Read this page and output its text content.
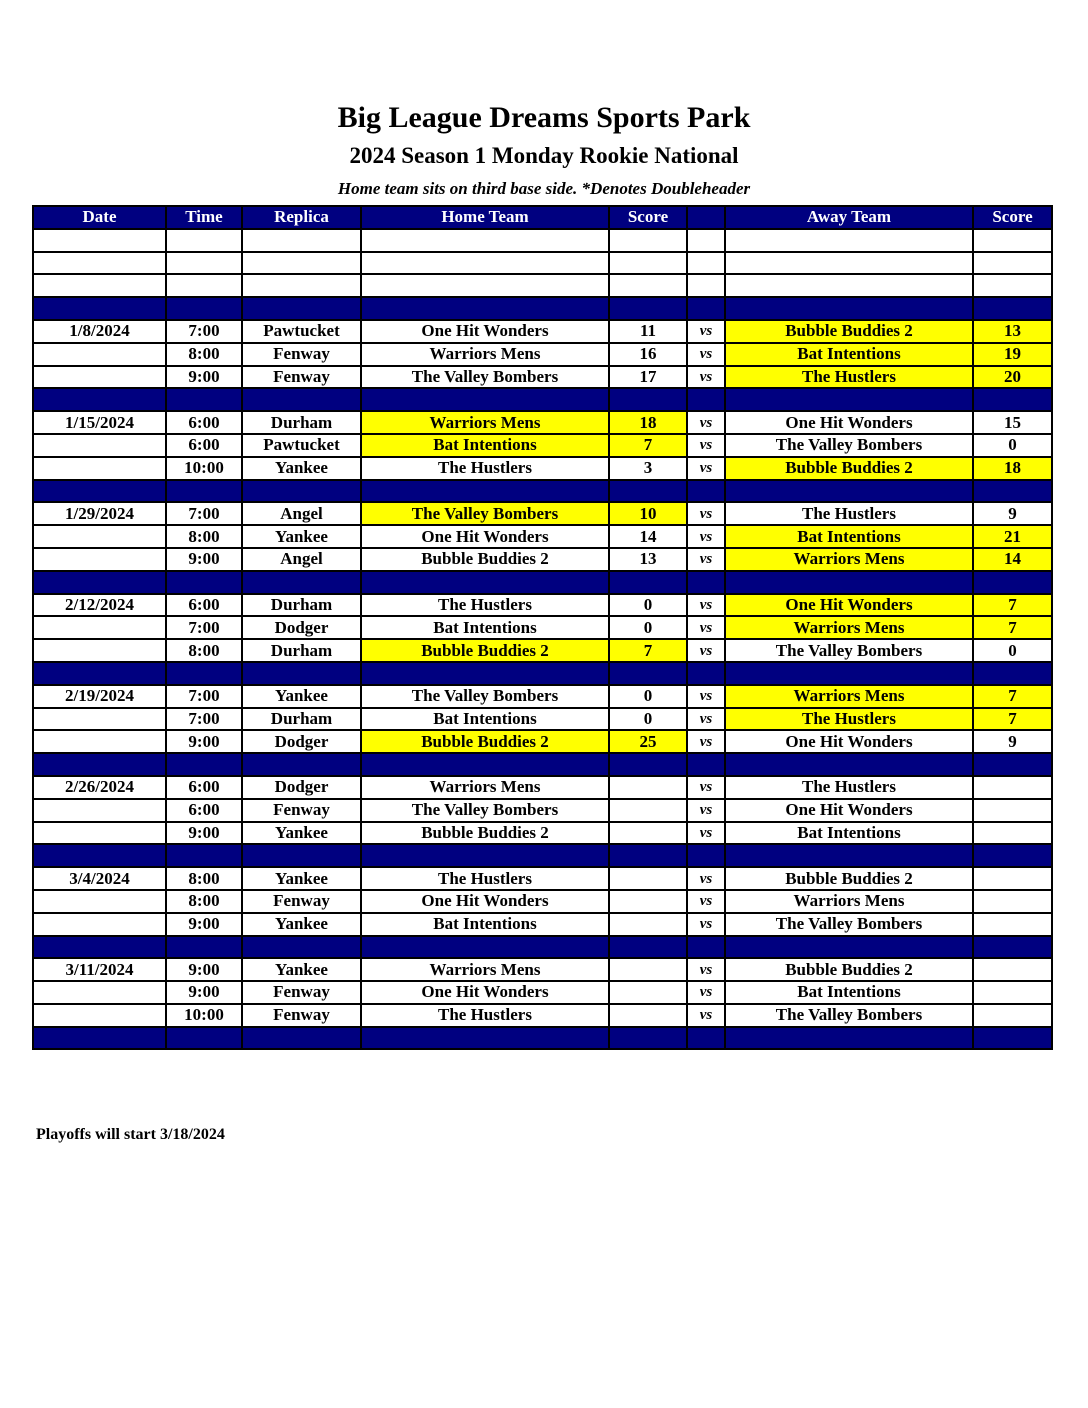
Big League Dreams Sports Park
2024 Season 1 Monday Rookie National
Home team sits on third base side. *Denotes Doubleheader
Date	Time	Replica	Home Team	Score		Away Team	Score

1/8/2024	7:00	Pawtucket	One Hit Wonders	11	vs	Bubble Buddies 2	13
	8:00	Fenway	Warriors Mens	16	vs	Bat Intentions	19
	9:00	Fenway	The Valley Bombers	17	vs	The Hustlers	20

1/15/2024	6:00	Durham	Warriors Mens	18	vs	One Hit Wonders	15
	6:00	Pawtucket	Bat Intentions	7	vs	The Valley Bombers	0
	10:00	Yankee	The Hustlers	3	vs	Bubble Buddies 2	18

1/29/2024	7:00	Angel	The Valley Bombers	10	vs	The Hustlers	9
	8:00	Yankee	One Hit Wonders	14	vs	Bat Intentions	21
	9:00	Angel	Bubble Buddies 2	13	vs	Warriors Mens	14

2/12/2024	6:00	Durham	The Hustlers	0	vs	One Hit Wonders	7
	7:00	Dodger	Bat Intentions	0	vs	Warriors Mens	7
	8:00	Durham	Bubble Buddies 2	7	vs	The Valley Bombers	0

2/19/2024	7:00	Yankee	The Valley Bombers	0	vs	Warriors Mens	7
	7:00	Durham	Bat Intentions	0	vs	The Hustlers	7
	9:00	Dodger	Bubble Buddies 2	25	vs	One Hit Wonders	9

2/26/2024	6:00	Dodger	Warriors Mens		vs	The Hustlers	
	6:00	Fenway	The Valley Bombers		vs	One Hit Wonders	
	9:00	Yankee	Bubble Buddies 2		vs	Bat Intentions	

3/4/2024	8:00	Yankee	The Hustlers		vs	Bubble Buddies 2	
	8:00	Fenway	One Hit Wonders		vs	Warriors Mens	
	9:00	Yankee	Bat Intentions		vs	The Valley Bombers	

3/11/2024	9:00	Yankee	Warriors Mens		vs	Bubble Buddies 2	
	9:00	Fenway	One Hit Wonders		vs	Bat Intentions	
	10:00	Fenway	The Hustlers		vs	The Valley Bombers	

Playoffs will start 3/18/2024
